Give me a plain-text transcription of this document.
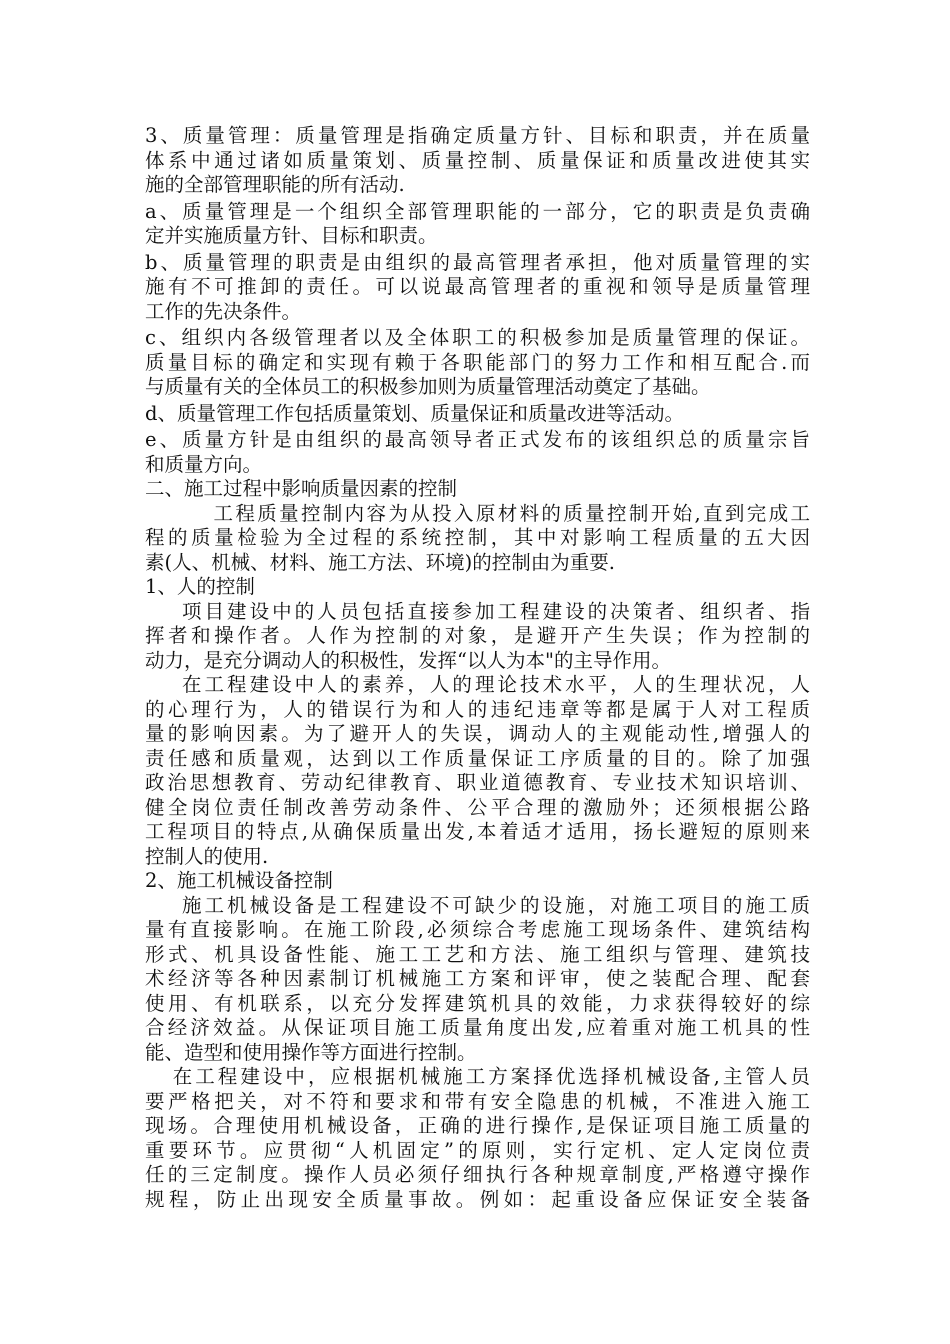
3、质量管理：质量管理是指确定质量方针、目标和职责，并在质量
体系中通过诸如质量策划、质量控制、质量保证和质量改进使其实
施的全部管理职能的所有活动.
a、质量管理是一个组织全部管理职能的一部分，它的职责是负责确
定并实施质量方针、目标和职责。
b、质量管理的职责是由组织的最高管理者承担，他对质量管理的实
施有不可推卸的责任。可以说最高管理者的重视和领导是质量管理
工作的先决条件。
c、组织内各级管理者以及全体职工的积极参加是质量管理的保证。
质量目标的确定和实现有赖于各职能部门的努力工作和相互配合.而
与质量有关的全体员工的积极参加则为质量管理活动奠定了基础。
d、质量管理工作包括质量策划、质量保证和质量改进等活动。
e、质量方针是由组织的最高领导者正式发布的该组织总的质量宗旨
和质量方向。
二、施工过程中影响质量因素的控制
工程质量控制内容为从投入原材料的质量控制开始,直到完成工
程的质量检验为全过程的系统控制，其中对影响工程质量的五大因
素(人、机械、材料、施工方法、环境)的控制由为重要.
1、人的控制
项目建设中的人员包括直接参加工程建设的决策者、组织者、指
挥者和操作者。人作为控制的对象，是避开产生失误；作为控制的
动力，是充分调动人的积极性，发挥“以人为本"的主导作用。
在工程建设中人的素养，人的理论技术水平，人的生理状况，人
的心理行为，人的错误行为和人的违纪违章等都是属于人对工程质
量的影响因素。为了避开人的失误，调动人的主观能动性,增强人的
责任感和质量观，达到以工作质量保证工序质量的目的。除了加强
政治思想教育、劳动纪律教育、职业道德教育、专业技术知识培训、
健全岗位责任制改善劳动条件、公平合理的激励外；还须根据公路
工程项目的特点,从确保质量出发,本着适才适用，扬长避短的原则来
控制人的使用.
2、施工机械设备控制
施工机械设备是工程建设不可缺少的设施，对施工项目的施工质
量有直接影响。在施工阶段,必须综合考虑施工现场条件、建筑结构
形式、机具设备性能、施工工艺和方法、施工组织与管理、建筑技
术经济等各种因素制订机械施工方案和评审，使之装配合理、配套
使用、有机联系，以充分发挥建筑机具的效能，力求获得较好的综
合经济效益。从保证项目施工质量角度出发,应着重对施工机具的性
能、造型和使用操作等方面进行控制。
在工程建设中，应根据机械施工方案择优选择机械设备,主管人员
要严格把关，对不符和要求和带有安全隐患的机械，不准进入施工
现场。合理使用机械设备，正确的进行操作,是保证项目施工质量的
重要环节。应贯彻“人机固定”的原则，实行定机、定人定岗位责
任的三定制度。操作人员必须仔细执行各种规章制度,严格遵守操作
规程，防止出现安全质量事故。例如：起重设备应保证安全装备
